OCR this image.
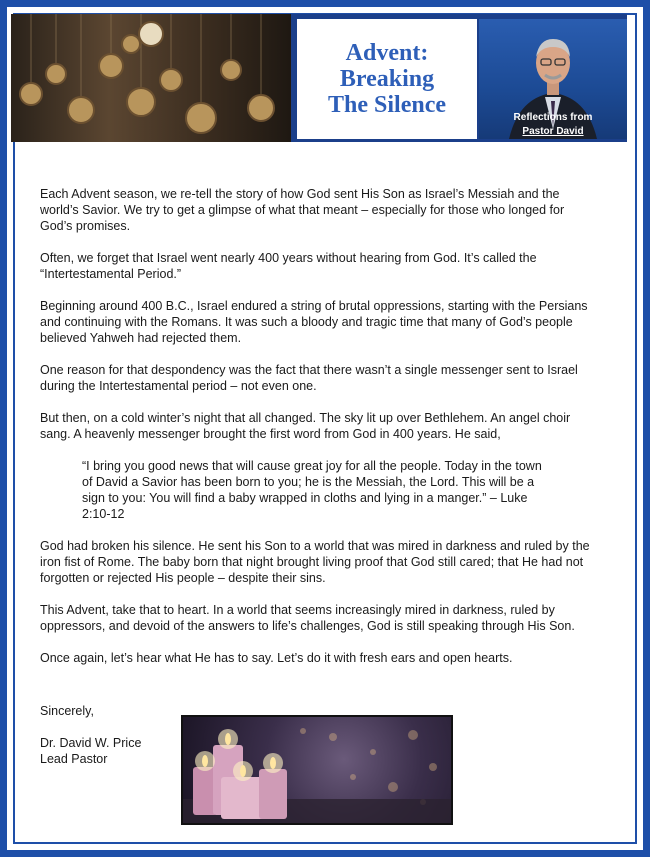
Advent:
Breaking
The Silence	Reflections from
Pastor David

Each Advent season, we re-tell the story of how God sent His Son as Israel’s Messiah and the world’s Savior. We try to get a glimpse of what that meant – especially for those who longed for God’s promises.

Often, we forget that Israel went nearly 400 years without hearing from God. It’s called the “Intertestamental Period.”

Beginning around 400 B.C., Israel endured a string of brutal oppressions, starting with the Persians and continuing with the Romans. It was such a bloody and tragic time that many of God’s people believed Yahweh had rejected them.

One reason for that despondency was the fact that there wasn’t a single messenger sent to Israel during the Intertestamental period – not even one.

But then, on a cold winter’s night that all changed. The sky lit up over Bethlehem. An angel choir sang. A heavenly messenger brought the first word from God in 400 years. He said,

“I bring you good news that will cause great joy for all the people. Today in the town of David a Savior has been born to you; he is the Messiah, the Lord. This will be a sign to you: You will find a baby wrapped in cloths and lying in a manger.” – Luke 2:10-12

God had broken his silence. He sent his Son to a world that was mired in darkness and ruled by the iron fist of Rome. The baby born that night brought living proof that God still cared; that He had not forgotten or rejected His people – despite their sins.

This Advent, take that to heart. In a world that seems increasingly mired in darkness, ruled by oppressors, and devoid of the answers to life’s challenges, God is still speaking through His Son.

Once again, let’s hear what He has to say. Let’s do it with fresh ears and open hearts.

Sincerely,
Dr. David W. Price
Lead Pastor
